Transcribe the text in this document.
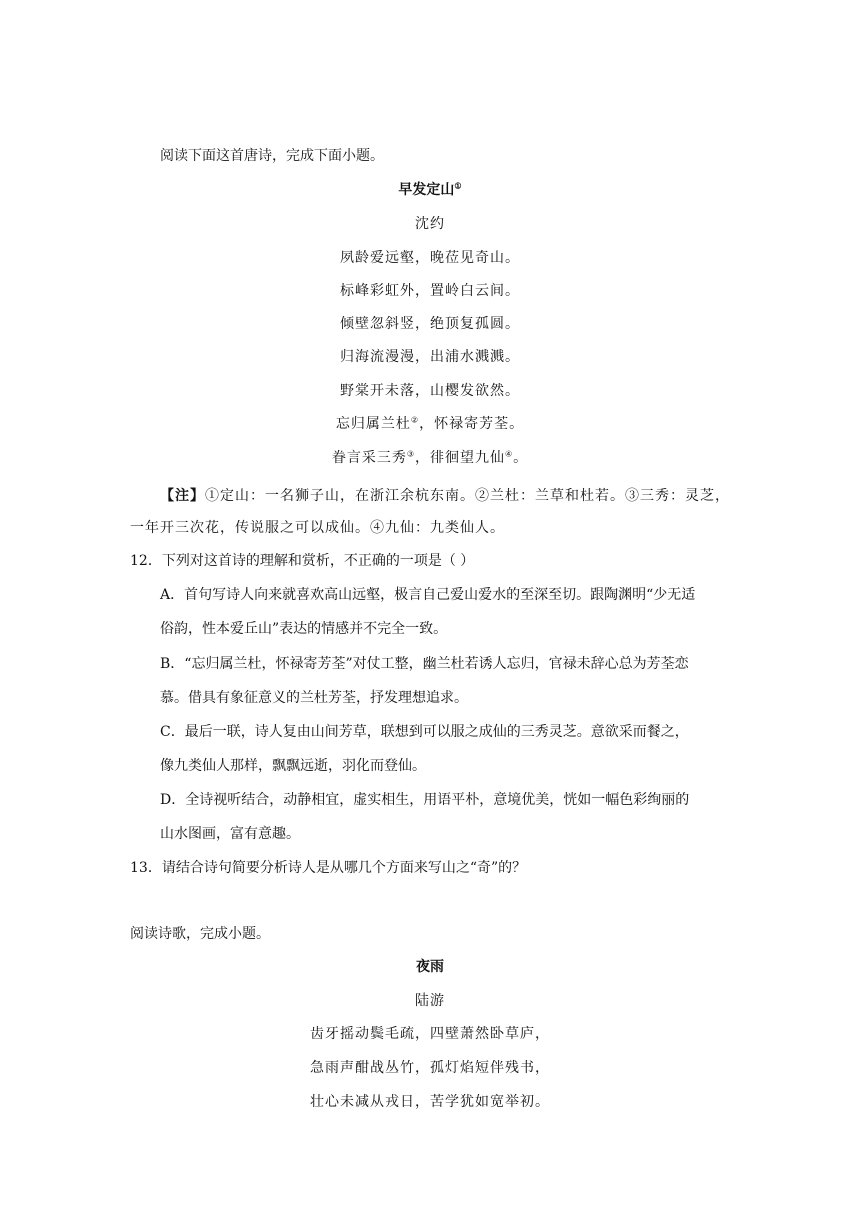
阅读下面这首唐诗，完成下面小题。
早发定山①
沈约
夙龄爱远壑，晚莅见奇山。
标峰彩虹外，置岭白云间。
倾壁忽斜竖，绝顶复孤圆。
归海流漫漫，出浦水溅溅。
野棠开未落，山樱发欲然。
忘归属兰杜②，怀禄寄芳荃。
眷言采三秀③，徘徊望九仙④。
【注】①定山：一名狮子山，在浙江余杭东南。②兰杜：兰草和杜若。③三秀：灵芝，
一年开三次花，传说服之可以成仙。④九仙：九类仙人。
12．下列对这首诗的理解和赏析，不正确的一项是（ ）
A．首句写诗人向来就喜欢高山远壑，极言自己爱山爱水的至深至切。跟陶渊明“少无适
俗韵，性本爱丘山”表达的情感并不完全一致。
B．“忘归属兰杜，怀禄寄芳荃”对仗工整，幽兰杜若诱人忘归，官禄未辞心总为芳荃恋
慕。借具有象征意义的兰杜芳荃，抒发理想追求。
C．最后一联，诗人复由山间芳草，联想到可以服之成仙的三秀灵芝。意欲采而餐之，
像九类仙人那样，飘飘远逝，羽化而登仙。
D．全诗视听结合，动静相宜，虚实相生，用语平朴，意境优美，恍如一幅色彩绚丽的
山水图画，富有意趣。
13．请结合诗句简要分析诗人是从哪几个方面来写山之“奇”的？
阅读诗歌，完成小题。
夜雨
陆游
齿牙摇动鬓毛疏，四壁萧然卧草庐，
急雨声酣战丛竹，孤灯焰短伴残书，
壮心未减从戎日，苦学犹如宽举初。
